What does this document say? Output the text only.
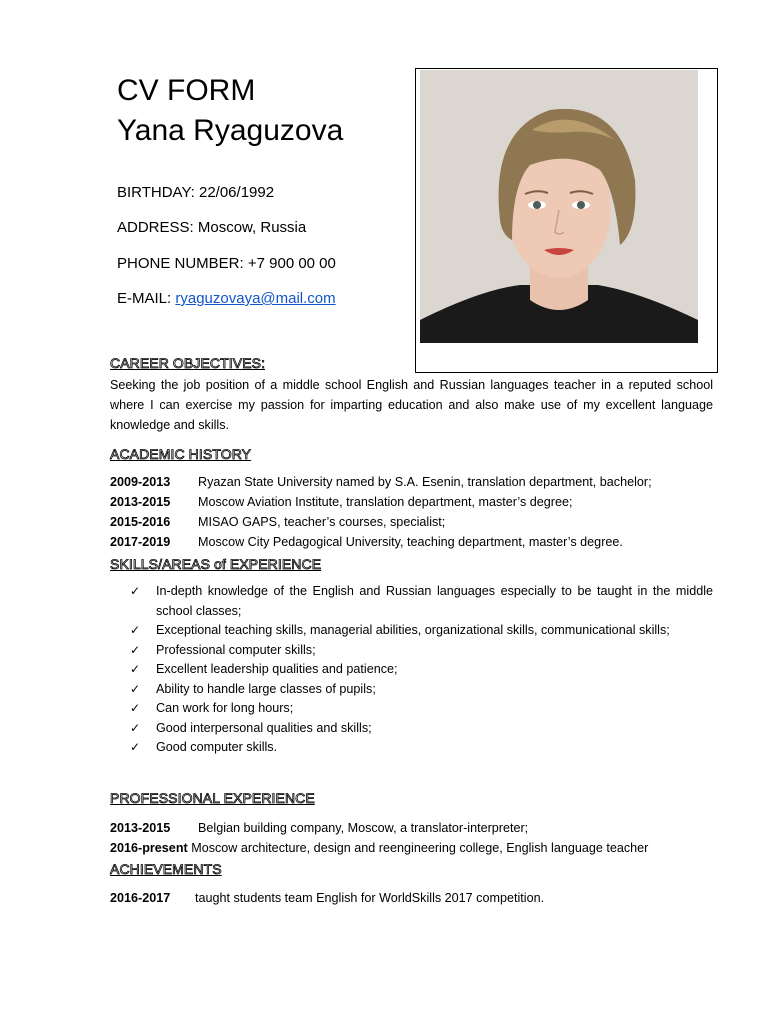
CV FORM
Yana Ryaguzova
BIRTHDAY: 22/06/1992
ADDRESS: Moscow, Russia
PHONE NUMBER: +7 900 00 00
E-MAIL: ryaguzovaya@mail.com
CAREER OBJECTIVES:
Seeking the job position of a middle school English and Russian languages teacher in a reputed school where I can exercise my passion for imparting education and also make use of my excellent language knowledge and skills.
ACADEMIC HISTORY
2009-2013 Ryazan State University named by S.A. Esenin, translation department, bachelor;
2013-2015 Moscow Aviation Institute, translation department, master’s degree;
2015-2016 MISAO GAPS, teacher’s courses, specialist;
2017-2019 Moscow City Pedagogical University, teaching department, master’s degree.
SKILLS/AREAS of EXPERIENCE
✓ In-depth knowledge of the English and Russian languages especially to be taught in the middle school classes;
✓ Exceptional teaching skills, managerial abilities, organizational skills, communicational skills;
✓ Professional computer skills;
✓ Excellent leadership qualities and patience;
✓ Ability to handle large classes of pupils;
✓ Can work for long hours;
✓ Good interpersonal qualities and skills;
✓ Good computer skills.
PROFESSIONAL EXPERIENCE
2013-2015 Belgian building company, Moscow, a translator-interpreter;
2016-present Moscow architecture, design and reengineering college, English language teacher
ACHIEVEMENTS
2016-2017 taught students team English for WorldSkills 2017 competition.
